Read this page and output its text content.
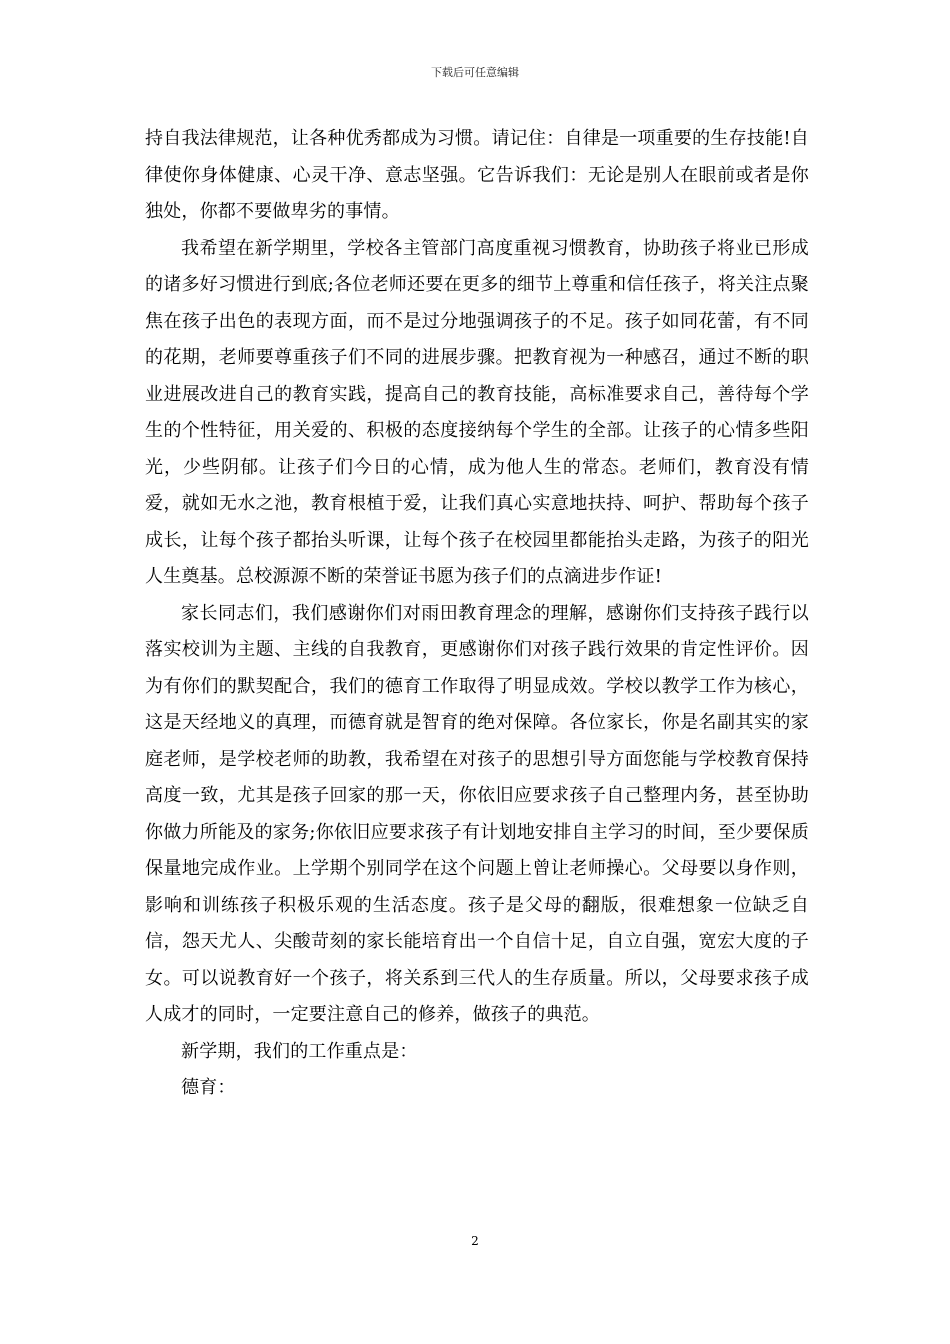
下载后可任意编辑

持自我法律规范，让各种优秀都成为习惯。请记住：自律是一项重要的生存技能!自律使你身体健康、心灵干净、意志坚强。它告诉我们：无论是别人在眼前或者是你独处，你都不要做卑劣的事情。

我希望在新学期里，学校各主管部门高度重视习惯教育，协助孩子将业已形成的诸多好习惯进行到底;各位老师还要在更多的细节上尊重和信任孩子，将关注点聚焦在孩子出色的表现方面，而不是过分地强调孩子的不足。孩子如同花蕾，有不同的花期，老师要尊重孩子们不同的进展步骤。把教育视为一种感召，通过不断的职业进展改进自己的教育实践，提高自己的教育技能，高标准要求自己，善待每个学生的个性特征，用关爱的、积极的态度接纳每个学生的全部。让孩子的心情多些阳光，少些阴郁。让孩子们今日的心情，成为他人生的常态。老师们，教育没有情爱，就如无水之池，教育根植于爱，让我们真心实意地扶持、呵护、帮助每个孩子成长，让每个孩子都抬头听课，让每个孩子在校园里都能抬头走路，为孩子的阳光人生奠基。总校源源不断的荣誉证书愿为孩子们的点滴进步作证!

家长同志们，我们感谢你们对雨田教育理念的理解，感谢你们支持孩子践行以落实校训为主题、主线的自我教育，更感谢你们对孩子践行效果的肯定性评价。因为有你们的默契配合，我们的德育工作取得了明显成效。学校以教学工作为核心，这是天经地义的真理，而德育就是智育的绝对保障。各位家长，你是名副其实的家庭老师，是学校老师的助教，我希望在对孩子的思想引导方面您能与学校教育保持高度一致，尤其是孩子回家的那一天，你依旧应要求孩子自己整理内务，甚至协助你做力所能及的家务;你依旧应要求孩子有计划地安排自主学习的时间，至少要保质保量地完成作业。上学期个别同学在这个问题上曾让老师操心。父母要以身作则，影响和训练孩子积极乐观的生活态度。孩子是父母的翻版，很难想象一位缺乏自信，怨天尤人、尖酸苛刻的家长能培育出一个自信十足，自立自强，宽宏大度的子女。可以说教育好一个孩子，将关系到三代人的生存质量。所以，父母要求孩子成人成才的同时，一定要注意自己的修养，做孩子的典范。

新学期，我们的工作重点是：

德育：

2
